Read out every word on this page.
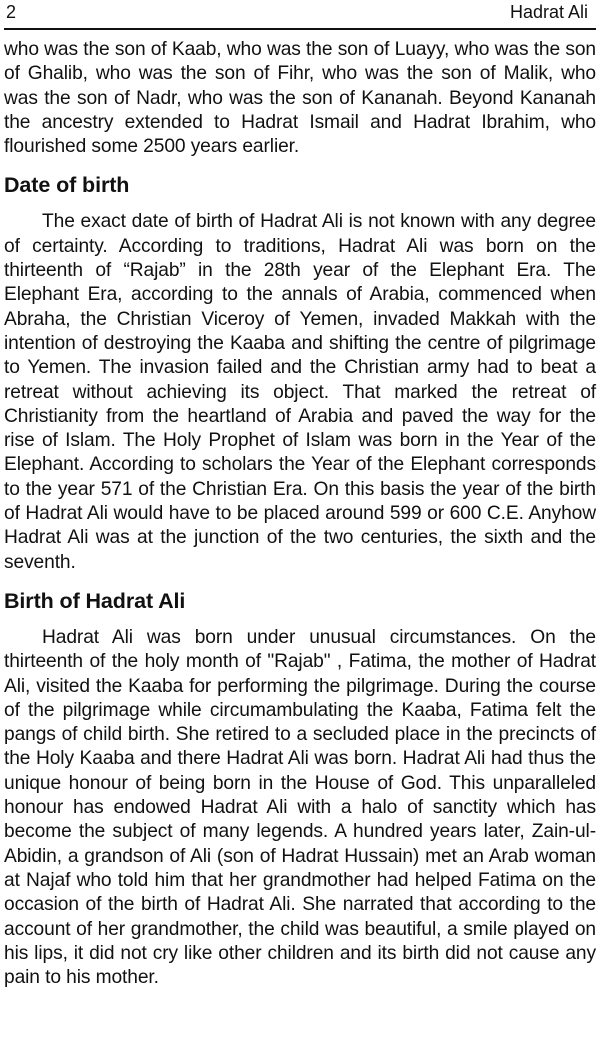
2	Hadrat Ali

who was the son of Kaab, who was the son of Luayy, who was the son of Ghalib, who was the son of Fihr, who was the son of Malik, who was the son of Nadr, who was the son of Kananah. Beyond Kananah the ancestry extended to Hadrat Ismail and Hadrat Ibrahim, who flourished some 2500 years earlier.

Date of birth

The exact date of birth of Hadrat Ali is not known with any degree of certainty. According to traditions, Hadrat Ali was born on the thirteenth of “Rajab” in the 28th year of the Elephant Era. The Elephant Era, according to the annals of Arabia, commenced when Abraha, the Christian Viceroy of Yemen, invaded Makkah with the intention of destroying the Kaaba and shifting the centre of pilgrimage to Yemen. The invasion failed and the Christian army had to beat a retreat without achieving its object. That marked the retreat of Christianity from the heartland of Arabia and paved the way for the rise of Islam. The Holy Prophet of Islam was born in the Year of the Elephant. According to scholars the Year of the Elephant corresponds to the year 571 of the Christian Era. On this basis the year of the birth of Hadrat Ali would have to be placed around 599 or 600 C.E. Anyhow Hadrat Ali was at the junction of the two centuries, the sixth and the seventh.

Birth of Hadrat Ali

Hadrat Ali was born under unusual circumstances. On the thirteenth of the holy month of "Rajab" , Fatima, the mother of Hadrat Ali, visited the Kaaba for performing the pilgrimage. During the course of the pilgrimage while circumambulating the Kaaba, Fatima felt the pangs of child birth. She retired to a secluded place in the precincts of the Holy Kaaba and there Hadrat Ali was born. Hadrat Ali had thus the unique honour of being born in the House of God. This unparalleled honour has endowed Hadrat Ali with a halo of sanctity which has become the subject of many legends. A hundred years later, Zain-ul-Abidin, a grandson of Ali (son of Hadrat Hussain) met an Arab woman at Najaf who told him that her grandmother had helped Fatima on the occasion of the birth of Hadrat Ali. She narrated that according to the account of her grandmother, the child was beautiful, a smile played on his lips, it did not cry like other children and its birth did not cause any pain to his mother.
